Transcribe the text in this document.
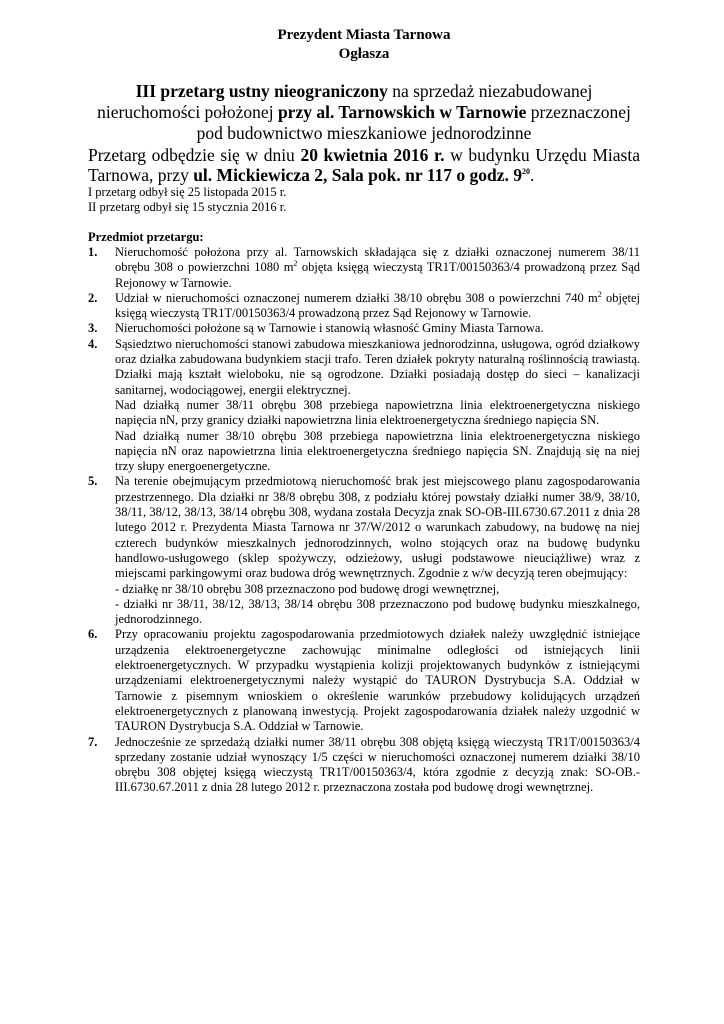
Prezydent Miasta Tarnowa
Ogłasza
III przetarg ustny nieograniczony na sprzedaż niezabudowanej nieruchomości położonej przy al. Tarnowskich w Tarnowie przeznaczonej pod budownictwo mieszkaniowe jednorodzinne
Przetarg odbędzie się w dniu 20 kwietnia 2016 r. w budynku Urzędu Miasta Tarnowa, przy ul. Mickiewicza 2, Sala pok. nr 117 o godz. $9^{20}$.
I przetarg odbył się 25 listopada 2015 r.
II przetarg odbył się 15 stycznia 2016 r.
Przedmiot przetargu:
1. Nieruchomość położona przy al. Tarnowskich składająca się z działki oznaczonej numerem 38/11 obrębu 308 o powierzchni 1080 $m^2$ objęta księgą wieczystą TR1T/00150363/4 prowadzoną przez Sąd Rejonowy w Tarnowie.
2. Udział w nieruchomości oznaczonej numerem działki 38/10 obrębu 308 o powierzchni 740 $m^2$ objętej księgą wieczystą TR1T/00150363/4 prowadzoną przez Sąd Rejonowy w Tarnowie.
3. Nieruchomości położone są w Tarnowie i stanowią własność Gminy Miasta Tarnowa.
4. Sąsiedztwo nieruchomości stanowi zabudowa mieszkaniowa jednorodzinna, usługowa, ogród działkowy oraz działka zabudowana budynkiem stacji trafo. Teren działek pokryty naturalną roślinnością trawiastą. Działki mają kształt wieloboku, nie są ogrodzone. Działki posiadają dostęp do sieci – kanalizacji sanitarnej, wodociągowej, energii elektrycznej.
Nad działką numer 38/11 obrębu 308 przebiega napowietrzna linia elektroenergetyczna niskiego napięcia nN, przy granicy działki napowietrzna linia elektroenergetyczna średniego napięcia SN.
Nad działką numer 38/10 obrębu 308 przebiega napowietrzna linia elektroenergetyczna niskiego napięcia nN oraz napowietrzna linia elektroenergetyczna średniego napięcia SN. Znajdują się na niej trzy słupy energoenergetyczne.
5. Na terenie obejmującym przedmiotową nieruchomość brak jest miejscowego planu zagospodarowania przestrzennego. Dla działki nr 38/8 obrębu 308, z podziału której powstały działki numer 38/9, 38/10, 38/11, 38/12, 38/13, 38/14 obrębu 308, wydana została Decyzja znak SO-OB-III.6730.67.2011 z dnia 28 lutego 2012 r. Prezydenta Miasta Tarnowa nr 37/W/2012 o warunkach zabudowy, na budowę na niej czterech budynków mieszkalnych jednorodzinnych, wolno stojących oraz na budowę budynku handlowo-usługowego (sklep spożywczy, odzieżowy, usługi podstawowe nieuciążliwe) wraz z miejscami parkingowymi oraz budowa dróg wewnętrznych. Zgodnie z w/w decyzją teren obejmujący:
- działkę nr 38/10 obrębu 308 przeznaczono pod budowę drogi wewnętrznej,
- działki nr 38/11, 38/12, 38/13, 38/14 obrębu 308 przeznaczono pod budowę budynku mieszkalnego, jednorodzinnego.
6. Przy opracowaniu projektu zagospodarowania przedmiotowych działek należy uwzględnić istniejące urządzenia elektroenergetyczne zachowując minimalne odległości od istniejących linii elektroenergetycznych. W przypadku wystąpienia kolizji projektowanych budynków z istniejącymi urządzeniami elektroenergetycznymi należy wystąpić do TAURON Dystrybucja S.A. Oddział w Tarnowie z pisemnym wnioskiem o określenie warunków przebudowy kolidujących urządzeń elektroenergetycznych z planowaną inwestycją. Projekt zagospodarowania działek należy uzgodnić w TAURON Dystrybucja S.A. Oddział w Tarnowie.
7. Jednocześnie ze sprzedażą działki numer 38/11 obrębu 308 objętą księgą wieczystą TR1T/00150363/4 sprzedany zostanie udział wynoszący 1/5 części w nieruchomości oznaczonej numerem działki 38/10 obrębu 308 objętej księgą wieczystą TR1T/00150363/4, która zgodnie z decyzją znak: SO-OB.-III.6730.67.2011 z dnia 28 lutego 2012 r. przeznaczona została pod budowę drogi wewnętrznej.
